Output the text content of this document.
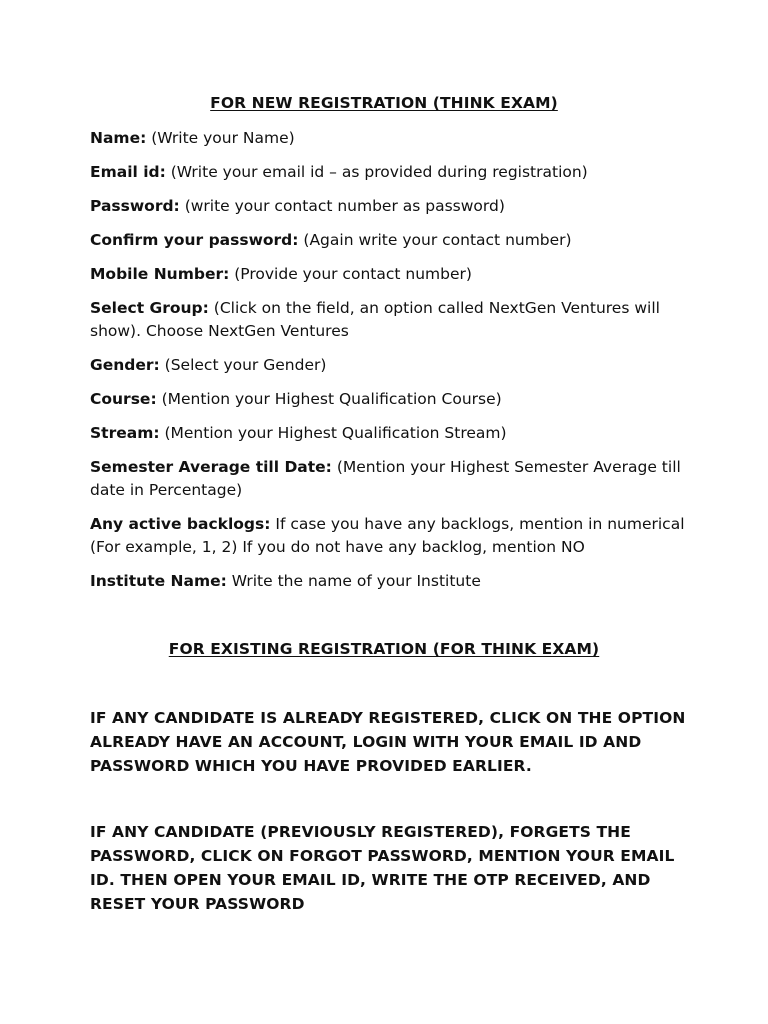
FOR NEW REGISTRATION (THINK EXAM)
Name: (Write your Name)
Email id: (Write your email id – as provided during registration)
Password: (write your contact number as password)
Confirm your password: (Again write your contact number)
Mobile Number: (Provide your contact number)
Select Group: (Click on the field, an option called NextGen Ventures will show). Choose NextGen Ventures
Gender: (Select your Gender)
Course: (Mention your Highest Qualification Course)
Stream: (Mention your Highest Qualification Stream)
Semester Average till Date: (Mention your Highest Semester Average till date in Percentage)
Any active backlogs: If case you have any backlogs, mention in numerical (For example, 1, 2) If you do not have any backlog, mention NO
Institute Name: Write the name of your Institute
FOR EXISTING REGISTRATION (FOR THINK EXAM)
IF ANY CANDIDATE IS ALREADY REGISTERED, CLICK ON THE OPTION ALREADY HAVE AN ACCOUNT, LOGIN WITH YOUR EMAIL ID AND PASSWORD WHICH YOU HAVE PROVIDED EARLIER.
IF ANY CANDIDATE (PREVIOUSLY REGISTERED), FORGETS THE PASSWORD, CLICK ON FORGOT PASSWORD, MENTION YOUR EMAIL ID. THEN OPEN YOUR EMAIL ID, WRITE THE OTP RECEIVED, AND RESET YOUR PASSWORD
